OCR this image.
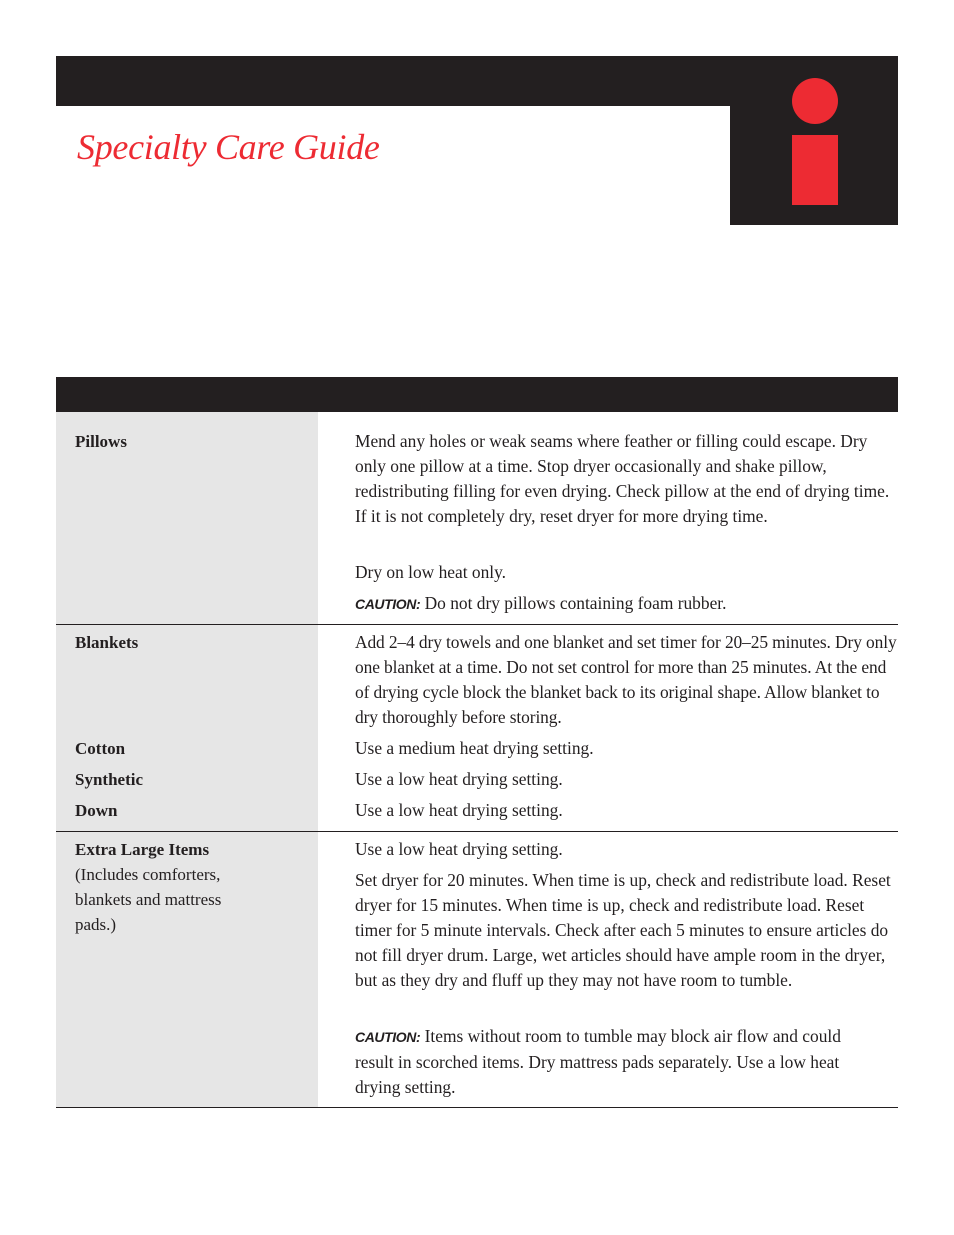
Specialty Care Guide

Pillows	Mend any holes or weak seams where feather or filling could escape. Dry only one pillow at a time. Stop dryer occasionally and shake pillow, redistributing filling for even drying. Check pillow at the end of drying time. If it is not completely dry, reset dryer for more drying time.

Dry on low heat only.

CAUTION: Do not dry pillows containing foam rubber.

Blankets

Cotton

Synthetic

Down

Add 2–4 dry towels and one blanket and set timer for 20–25 minutes. Dry only one blanket at a time. Do not set control for more than 25 minutes. At the end of drying cycle block the blanket back to its original shape. Allow blanket to dry thoroughly before storing.

Use a medium heat drying setting.

Use a low heat drying setting.

Use a low heat drying setting.

Extra Large Items

(Includes comforters, blankets and mattress pads.)

Use a low heat drying setting.

Set dryer for 20 minutes. When time is up, check and redistribute load. Reset dryer for 15 minutes. When time is up, check and redistribute load. Reset timer for 5 minute intervals. Check after each 5 minutes to ensure articles do not fill dryer drum. Large, wet articles should have ample room in the dryer, but as they dry and fluff up they may not have room to tumble.

CAUTION: Items without room to tumble may block air flow and could result in scorched items. Dry mattress pads separately. Use a low heat drying setting.
